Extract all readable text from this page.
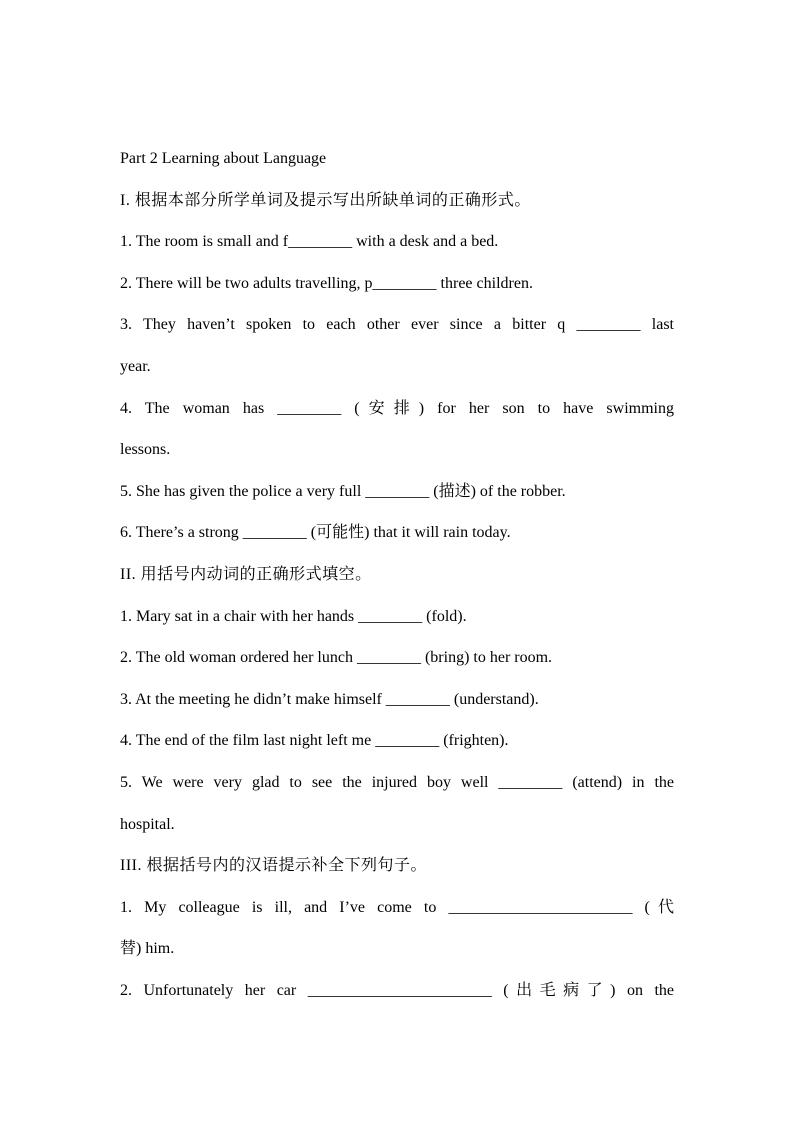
Part 2 Learning about Language
I. 根据本部分所学单词及提示写出所缺单词的正确形式。
1. The room is small and f________ with a desk and a bed.
2. There will be two adults travelling, p________ three children.
3. They haven’t spoken to each other ever since a bitter q ________ last
year.
4. The woman has ________ (安排) for her son to have swimming
lessons.
5. She has given the police a very full ________ (描述) of the robber.
6. There’s a strong ________ (可能性) that it will rain today.
II. 用括号内动词的正确形式填空。
1. Mary sat in a chair with her hands ________ (fold).
2. The old woman ordered her lunch ________ (bring) to her room.
3. At the meeting he didn’t make himself ________ (understand).
4. The end of the film last night left me ________ (frighten).
5. We were very glad to see the injured boy well ________ (attend) in the
hospital.
III. 根据括号内的汉语提示补全下列句子。
1. My colleague is ill, and I’ve come to _______________________ (代
替) him.
2. Unfortunately her car _______________________ (出毛病了) on the
